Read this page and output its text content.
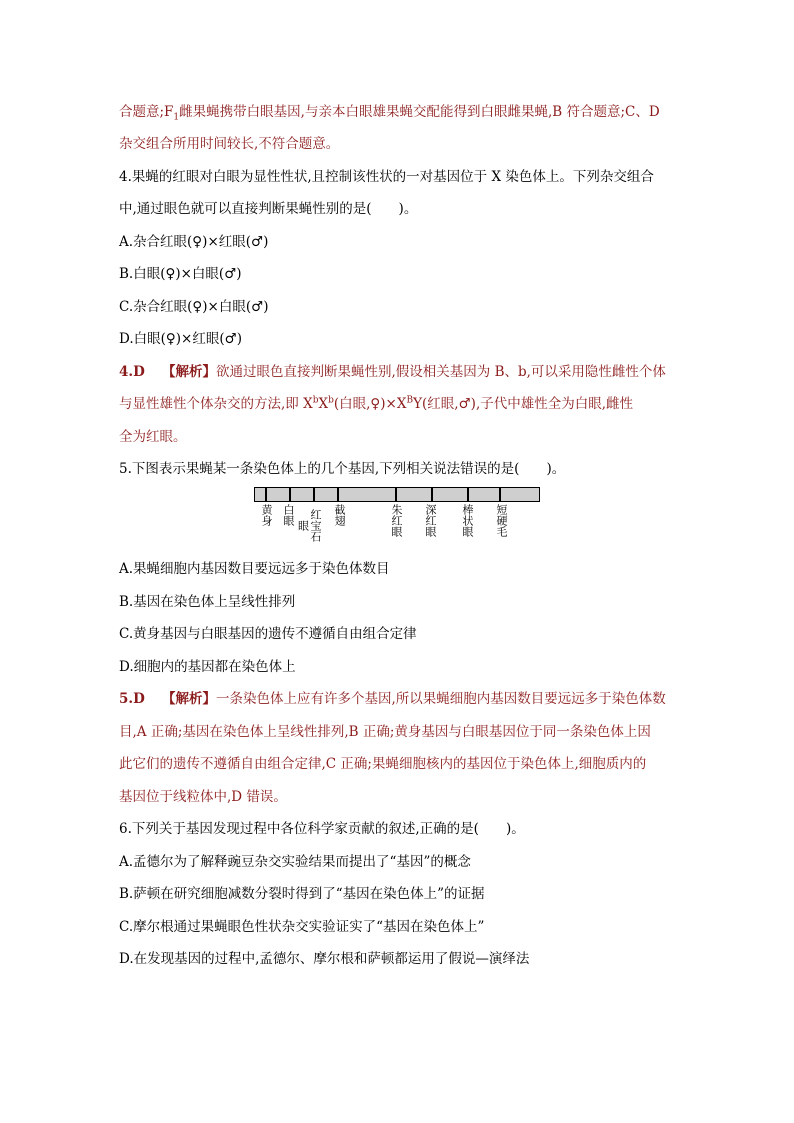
合题意$;F_1$雌果蝇携带白眼基因,与亲本白眼雄果蝇交配能得到白眼雌果蝇,B 符合题意;C、D
杂交组合所用时间较长,不符合题意。
4.果蝇的红眼对白眼为显性性状,且控制该性状的一对基因位于 X 染色体上。下列杂交组合
中,通过眼色就可以直接判断果蝇性别的是(　　)。
A.杂合红眼(♀)×红眼(♂)
B.白眼(♀)×白眼(♂)
C.杂合红眼(♀)×白眼(♂)
D.白眼(♀)×红眼(♂)
4.D 【解析】欲通过眼色直接判断果蝇性别,假设相关基因为 B、b,可以采用隐性雌性个体
与显性雄性个体杂交的方法,即 $X^bX^b$(白眼$,♀)\times X^BY$(红眼,♂),子代中雄性全为白眼,雌性
全为红眼。
5.下图表示果蝇某一条染色体上的几个基因,下列相关说法错误的是(　　)。
黄身 白眼 红宝石眼	截翅	朱红眼 深红眼 棒状眼 短硬毛
A.果蝇细胞内基因数目要远远多于染色体数目
B.基因在染色体上呈线性排列
C.黄身基因与白眼基因的遗传不遵循自由组合定律
D.细胞内的基因都在染色体上
5.D 【解析】一条染色体上应有许多个基因,所以果蝇细胞内基因数目要远远多于染色体数
目,A 正确;基因在染色体上呈线性排列,B 正确;黄身基因与白眼基因位于同一条染色体上因
此它们的遗传不遵循自由组合定律,C 正确;果蝇细胞核内的基因位于染色体上,细胞质内的
基因位于线粒体中,D 错误。
6.下列关于基因发现过程中各位科学家贡献的叙述,正确的是(　　)。
A.孟德尔为了解释豌豆杂交实验结果而提出了“基因”的概念
B.萨顿在研究细胞减数分裂时得到了“基因在染色体上”的证据
C.摩尔根通过果蝇眼色性状杂交实验证实了“基因在染色体上”
D.在发现基因的过程中,孟德尔、摩尔根和萨顿都运用了假说—演绎法
